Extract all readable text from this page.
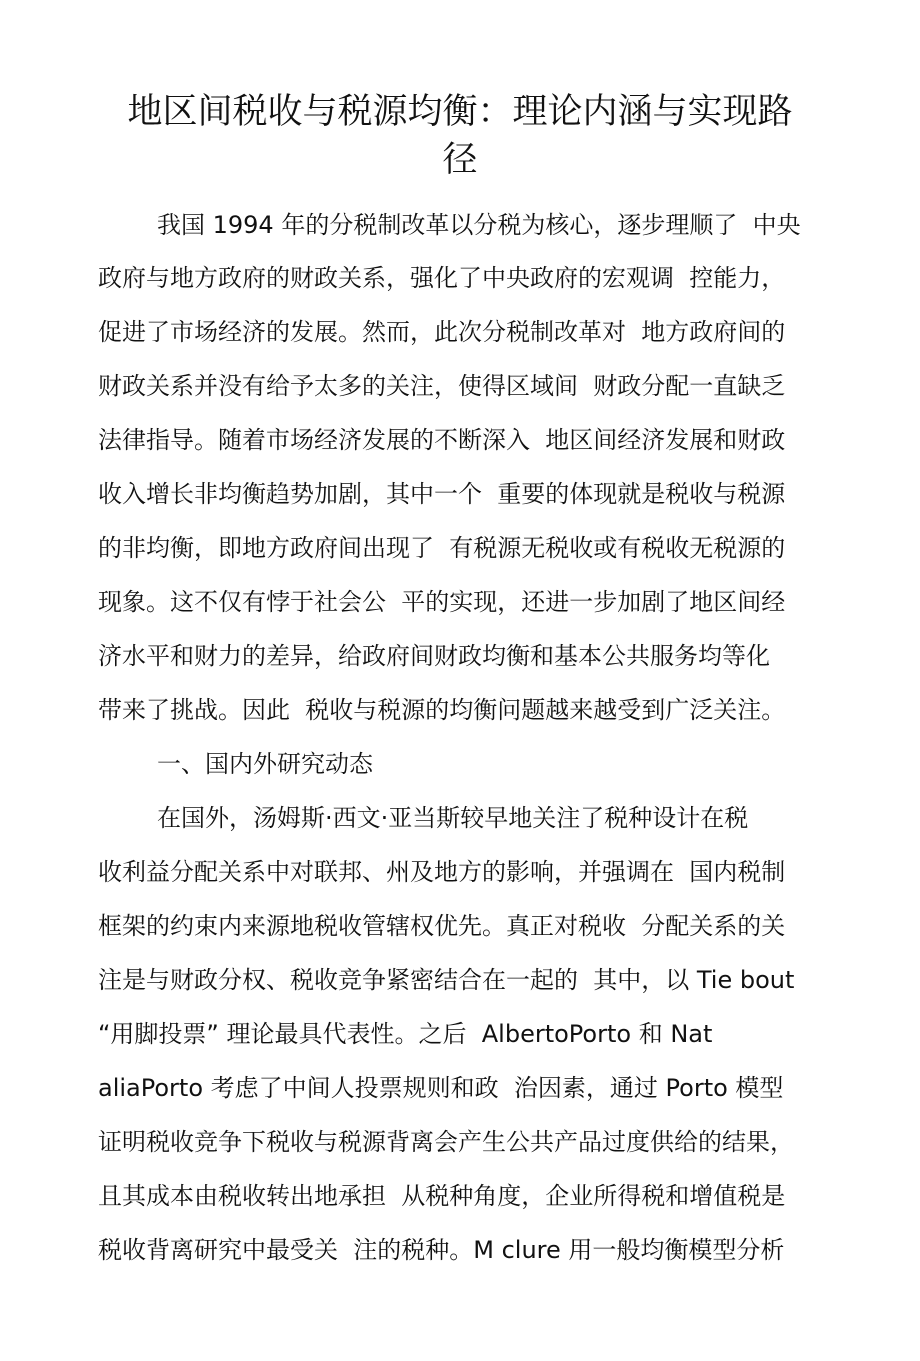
地区间税收与税源均衡：理论内涵与实现路
径
我国 1994 年的分税制改革以分税为核心，逐步理顺了  中央
政府与地方政府的财政关系，强化了中央政府的宏观调  控能力，
促进了市场经济的发展。然而，此次分税制改革对  地方政府间的
财政关系并没有给予太多的关注，使得区域间  财政分配一直缺乏
法律指导。随着市场经济发展的不断深入  地区间经济发展和财政
收入增长非均衡趋势加剧，其中一个  重要的体现就是税收与税源
的非均衡，即地方政府间出现了  有税源无税收或有税收无税源的
现象。这不仅有悖于社会公  平的实现，还进一步加剧了地区间经
济水平和财力的差异，给政府间财政均衡和基本公共服务均等化
带来了挑战。因此  税收与税源的均衡问题越来越受到广泛关注。
一、国内外研究动态
在国外，汤姆斯·西文·亚当斯较早地关注了税种设计在税
收利益分配关系中对联邦、州及地方的影响，并强调在  国内税制
框架的约束内来源地税收管辖权优先。真正对税收  分配关系的关
注是与财政分权、税收竞争紧密结合在一起的  其中，以 Tie bout
“用脚投票” 理论最具代表性。之后  AlbertoPorto 和 Nat
aliaPorto 考虑了中间人投票规则和政  治因素，通过 Porto 模型
证明税收竞争下税收与税源背离会产生公共产品过度供给的结果，
且其成本由税收转出地承担  从税种角度，企业所得税和增值税是
税收背离研究中最受关  注的税种。M clure 用一般均衡模型分析
